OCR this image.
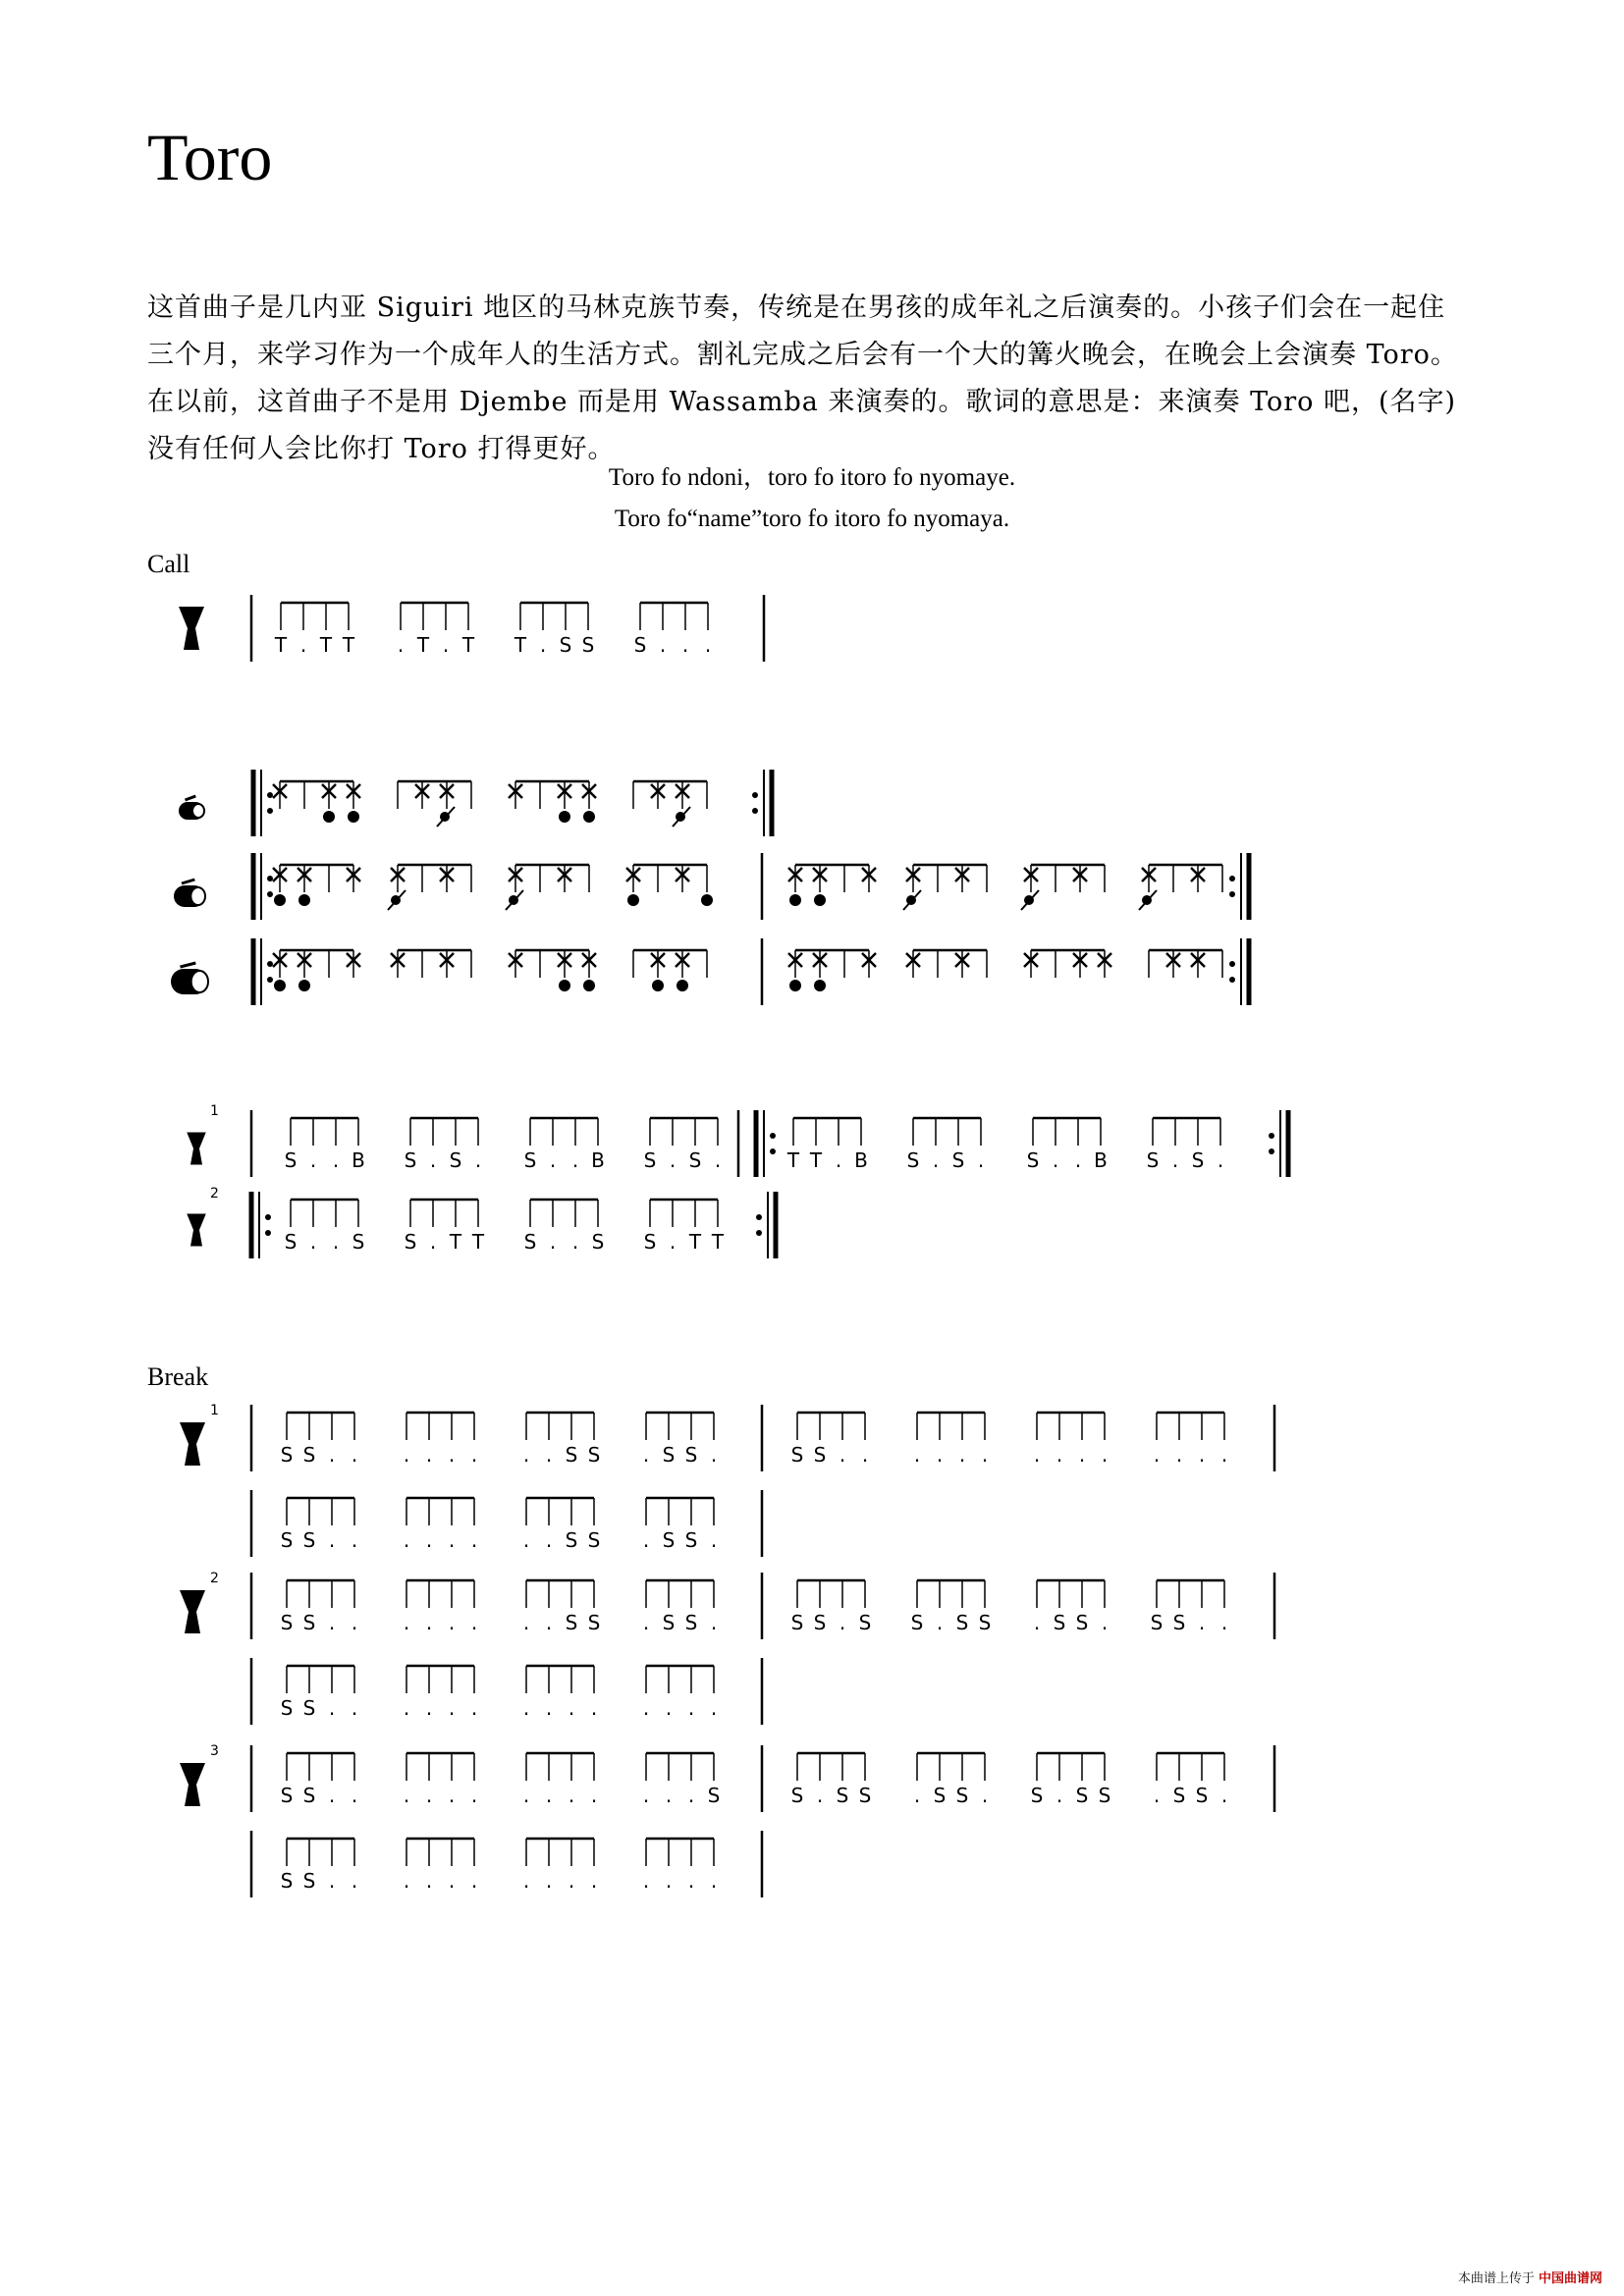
Toro
这首曲子是几内亚 Siguiri 地区的马林克族节奏，传统是在男孩的成年礼之后演奏的。小孩子们会在一起住三个月，来学习作为一个成年人的生活方式。割礼完成之后会有一个大的篝火晚会，在晚会上会演奏 Toro。在以前，这首曲子不是用 Djembe 而是用 Wassamba 来演奏的。歌词的意思是：来演奏 Toro 吧，(名字) 没有任何人会比你打 Toro 打得更好。
Toro fo ndoni，toro fo itoro fo nyomaye.
Toro fo“name”toro fo itoro fo nyomaya.
Call
Break
T . T T . T . T T . S S S . . .
1
S . . B S . S . S . . B S . S .	T T . B S . S . S . . B S . S .
2
S . . S S . T T S . . S S . T T
1
S S . . . . . . . . S S . S S .	S S . . . . . . . . . . . . . .
S S . . . . . . . . S S . S S .
2
S S . . . . . . . . S S . S S .	S S . S S . S S . S S . S S . .
S S . . . . . . . . . . . . . .
3
S S . . . . . . . . . . . . . S	S . S S . S S . S . S S . S S .
S S . . . . . . . . . . . . . .
本曲谱上传于 中国曲谱网
